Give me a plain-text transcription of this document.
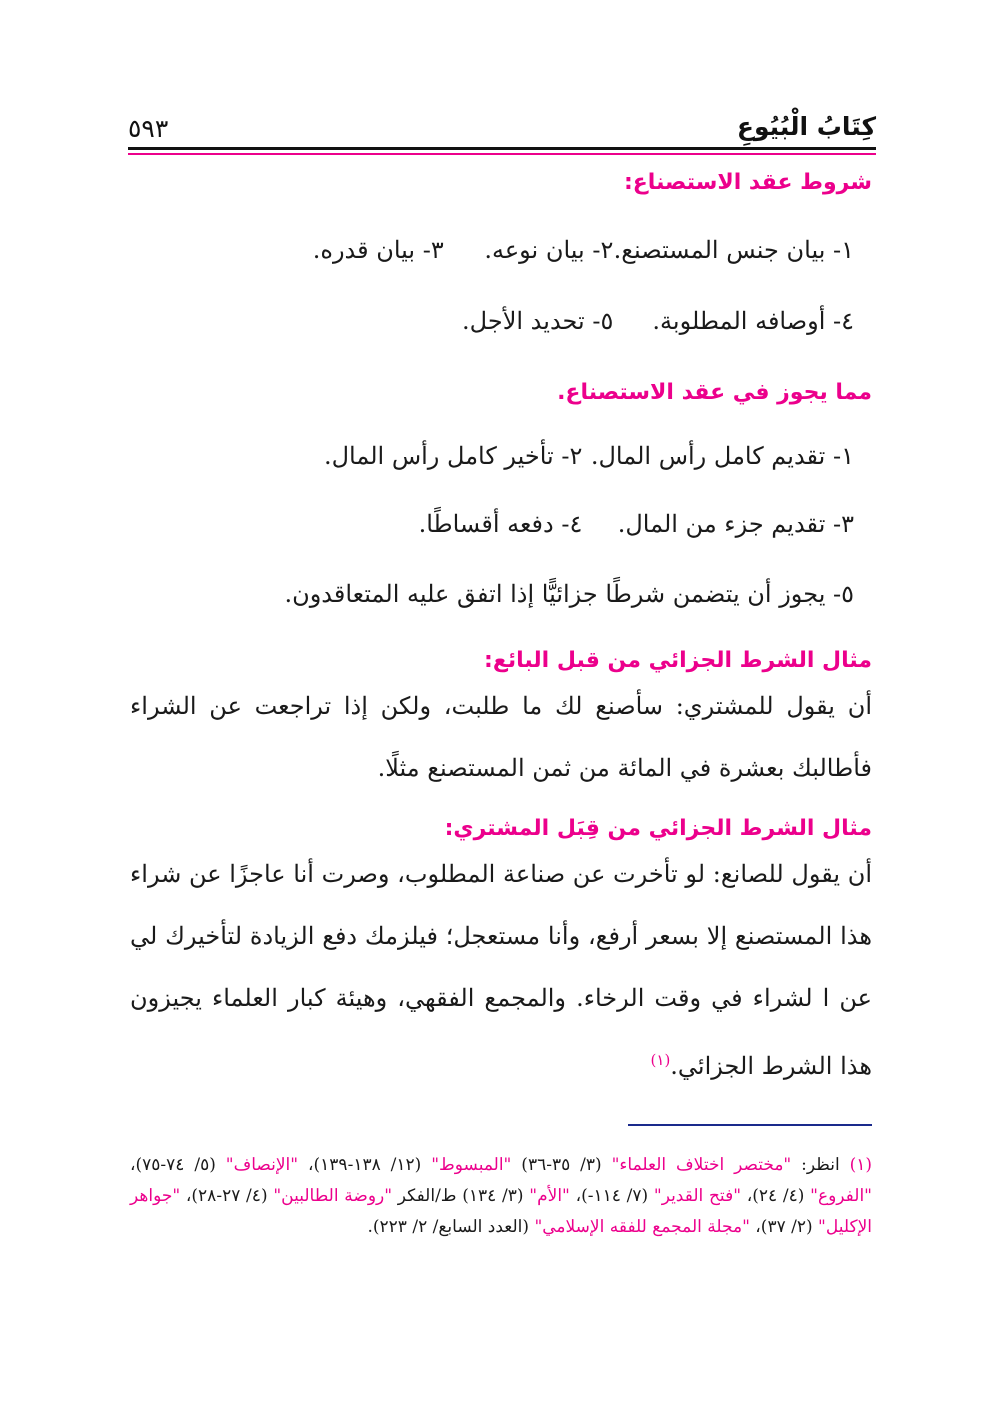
كِتَابُ الْبُيُوعِ
٥٩٣
شروط عقد الاستصناع:
١- بيان جنس المستصنع. ٢- بيان نوعه. ٣- بيان قدره.
٤- أوصافه المطلوبة. ٥- تحديد الأجل.
مما يجوز في عقد الاستصناع.
١- تقديم كامل رأس المال. ٢- تأخير كامل رأس المال.
٣- تقديم جزء من المال. ٤- دفعه أقساطًا.
٥- يجوز أن يتضمن شرطًا جزائيًّا إذا اتفق عليه المتعاقدون.
مثال الشرط الجزائي من قبل البائع:
أن يقول للمشتري: سأصنع لك ما طلبت، ولكن إذا تراجعت عن الشراء فأطالبك بعشرة في المائة من ثمن المستصنع مثلًا.
مثال الشرط الجزائي من قِبَل المشتري:
أن يقول للصانع: لو تأخرت عن صناعة المطلوب، وصرت أنا عاجزًا عن شراء هذا المستصنع إلا بسعر أرفع، وأنا مستعجل؛ فيلزمك دفع الزيادة لتأخيرك لي عن ا لشراء في وقت الرخاء. والمجمع الفقهي، وهيئة كبار العلماء يجيزون هذا الشرط الجزائي.$^{(١)}$
(١) انظر: "مختصر اختلاف العلماء" (٣/ ٣٥-٣٦) "المبسوط" (١٢/ ١٣٨-١٣٩)، "الإنصاف" (٥/ ٧٤-٧٥)، "الفروع" (٤/ ٢٤)، "فتح القدير" (٧/ ١١٤-)، "الأم" (٣/ ١٣٤) ط/الفكر "روضة الطالبين" (٤/ ٢٧-٢٨)، "جواهر الإكليل" (٢/ ٣٧)، "مجلة المجمع للفقه الإسلامي" (العدد السابع/ ٢/ ٢٢٣).
